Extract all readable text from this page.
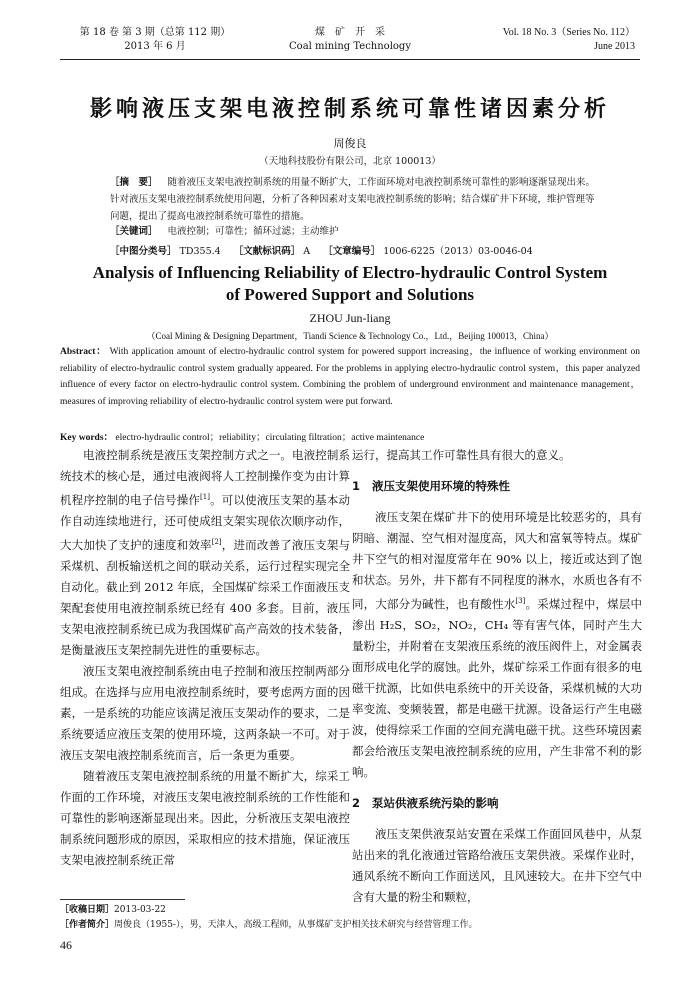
第 18 卷 第 3 期（总第 112 期）
2013 年 6 月
煤　矿　开　采
Coal mining Technology
Vol. 18 No. 3（Series No. 112）
June 2013
影响液压支架电液控制系统可靠性诸因素分析
周俊良
（天地科技股份有限公司，北京 100013）
［摘　要］ 随着液压支架电液控制系统的用量不断扩大，工作面环境对电液控制系统可靠性的影响逐渐显现出来。针对液压支架电液控制系统使用问题，分析了各种因素对支架电液控制系统的影响；结合煤矿井下环境，维护管理等问题，提出了提高电液控制系统可靠性的措施。
［关键词］ 电液控制；可靠性；循环过滤；主动维护
［中图分类号］ TD355.4 ［文献标识码］ A ［文章编号］ 1006-6225（2013）03-0046-04
Analysis of Influencing Reliability of Electro-hydraulic Control System
of Powered Support and Solutions
ZHOU Jun-liang
（Coal Mining & Designing Department，Tiandi Science & Technology Co.，Ltd.，Beijing 100013，China）
Abstract： With application amount of electro-hydraulic control system for powered support increasing，the influence of working environment on reliability of electro-hydraulic control system gradually appeared. For the problems in applying electro-hydraulic control system，this paper analyzed influence of every factor on electro-hydraulic control system. Combining the problem of underground environment and maintenance management，measures of improving reliability of electro-hydraulic control system were put forward.
Key words： electro-hydraulic control；reliability；circulating filtration；active maintenance

电液控制系统是液压支架控制方式之一。电液控制系统技术的核心是，通过电液阀将人工控制操作变为由计算机程序控制的电子信号操作[1]。可以使液压支架的基本动作自动连续地进行，还可使成组支架实现依次顺序动作，大大加快了支护的速度和效率[2]，进而改善了液压支架与采煤机、刮板输送机之间的联动关系，运行过程实现完全自动化。截止到 2012 年底，全国煤矿综采工作面液压支架配套使用电液控制系统已经有 400 多套。目前，液压支架电液控制系统已成为我国煤矿高产高效的技术装备，是衡量液压支架控制先进性的重要标志。

液压支架电液控制系统由电子控制和液压控制两部分组成。在选择与应用电液控制系统时，要考虑两方面的因素，一是系统的功能应该满足液压支架动作的要求，二是系统要适应液压支架的使用环境，这两条缺一不可。对于液压支架电液控制系统而言，后一条更为重要。

随着液压支架电液控制系统的用量不断扩大，综采工作面的工作环境，对液压支架电液控制系统的工作性能和可靠性的影响逐渐显现出来。因此，分析液压支架电液控制系统问题形成的原因，采取相应的技术措施，保证液压支架电液控制系统正常

运行，提高其工作可靠性具有很大的意义。

1 液压支架使用环境的特殊性

液压支架在煤矿井下的使用环境是比较恶劣的，具有阴暗、潮湿、空气相对湿度高，风大和富氧等特点。煤矿井下空气的相对湿度常年在 90% 以上，接近或达到了饱和状态。另外，井下都有不同程度的淋水，水质也各有不同，大部分为碱性，也有酸性水[3]。采煤过程中，煤层中渗出 H₂S，SO₂，NO₂，CH₄ 等有害气体，同时产生大量粉尘，并附着在支架液压系统的液压阀件上，对金属表面形成电化学的腐蚀。此外，煤矿综采工作面有很多的电磁干扰源，比如供电系统中的开关设备，采煤机械的大功率变流、变频装置，都是电磁干扰源。设备运行产生电磁波，使得综采工作面的空间充满电磁干扰。这些环境因素都会给液压支架电液控制系统的应用，产生非常不利的影响。

2 泵站供液系统污染的影响

液压支架供液泵站安置在采煤工作面回风巷中，从泵站出来的乳化液通过管路给液压支架供液。采煤作业时，通风系统不断向工作面送风，且风速较大。在井下空气中含有大量的粉尘和颗粒，

［收稿日期］2013-03-22
［作者简介］周俊良（1955-），男，天津人，高级工程师，从事煤矿支护相关技术研究与经营管理工作。
46
